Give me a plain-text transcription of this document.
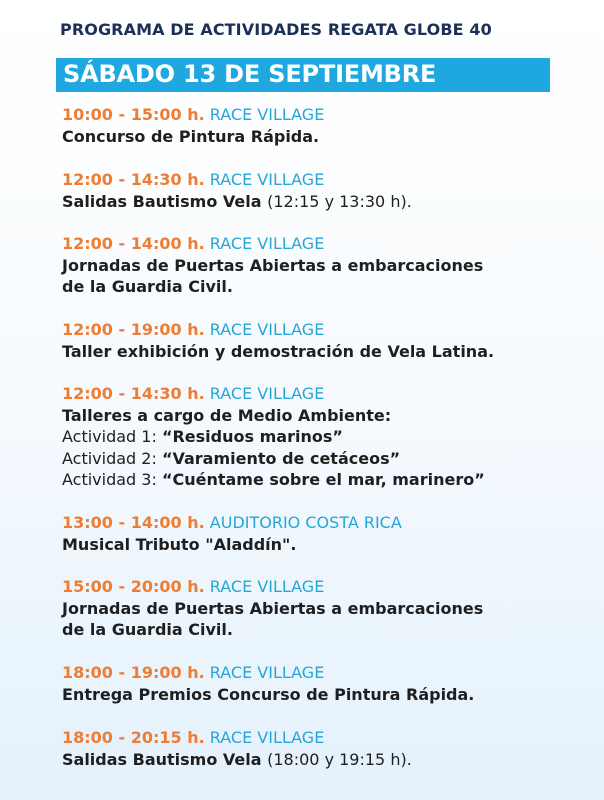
PROGRAMA DE ACTIVIDADES REGATA GLOBE 40
SÁBADO 13 DE SEPTIEMBRE
10:00 - 15:00 h. RACE VILLAGE
Concurso de Pintura Rápida.
12:00 - 14:30 h. RACE VILLAGE
Salidas Bautismo Vela (12:15 y 13:30 h).
12:00 - 14:00 h. RACE VILLAGE
Jornadas de Puertas Abiertas a embarcaciones
de la Guardia Civil.
12:00 - 19:00 h. RACE VILLAGE
Taller exhibición y demostración de Vela Latina.
12:00 - 14:30 h. RACE VILLAGE
Talleres a cargo de Medio Ambiente:
Actividad 1: “Residuos marinos”
Actividad 2: “Varamiento de cetáceos”
Actividad 3: “Cuéntame sobre el mar, marinero”
13:00 - 14:00 h. AUDITORIO COSTA RICA
Musical Tributo "Aladdín".
15:00 - 20:00 h. RACE VILLAGE
Jornadas de Puertas Abiertas a embarcaciones
de la Guardia Civil.
18:00 - 19:00 h. RACE VILLAGE
Entrega Premios Concurso de Pintura Rápida.
18:00 - 20:15 h. RACE VILLAGE
Salidas Bautismo Vela (18:00 y 19:15 h).
